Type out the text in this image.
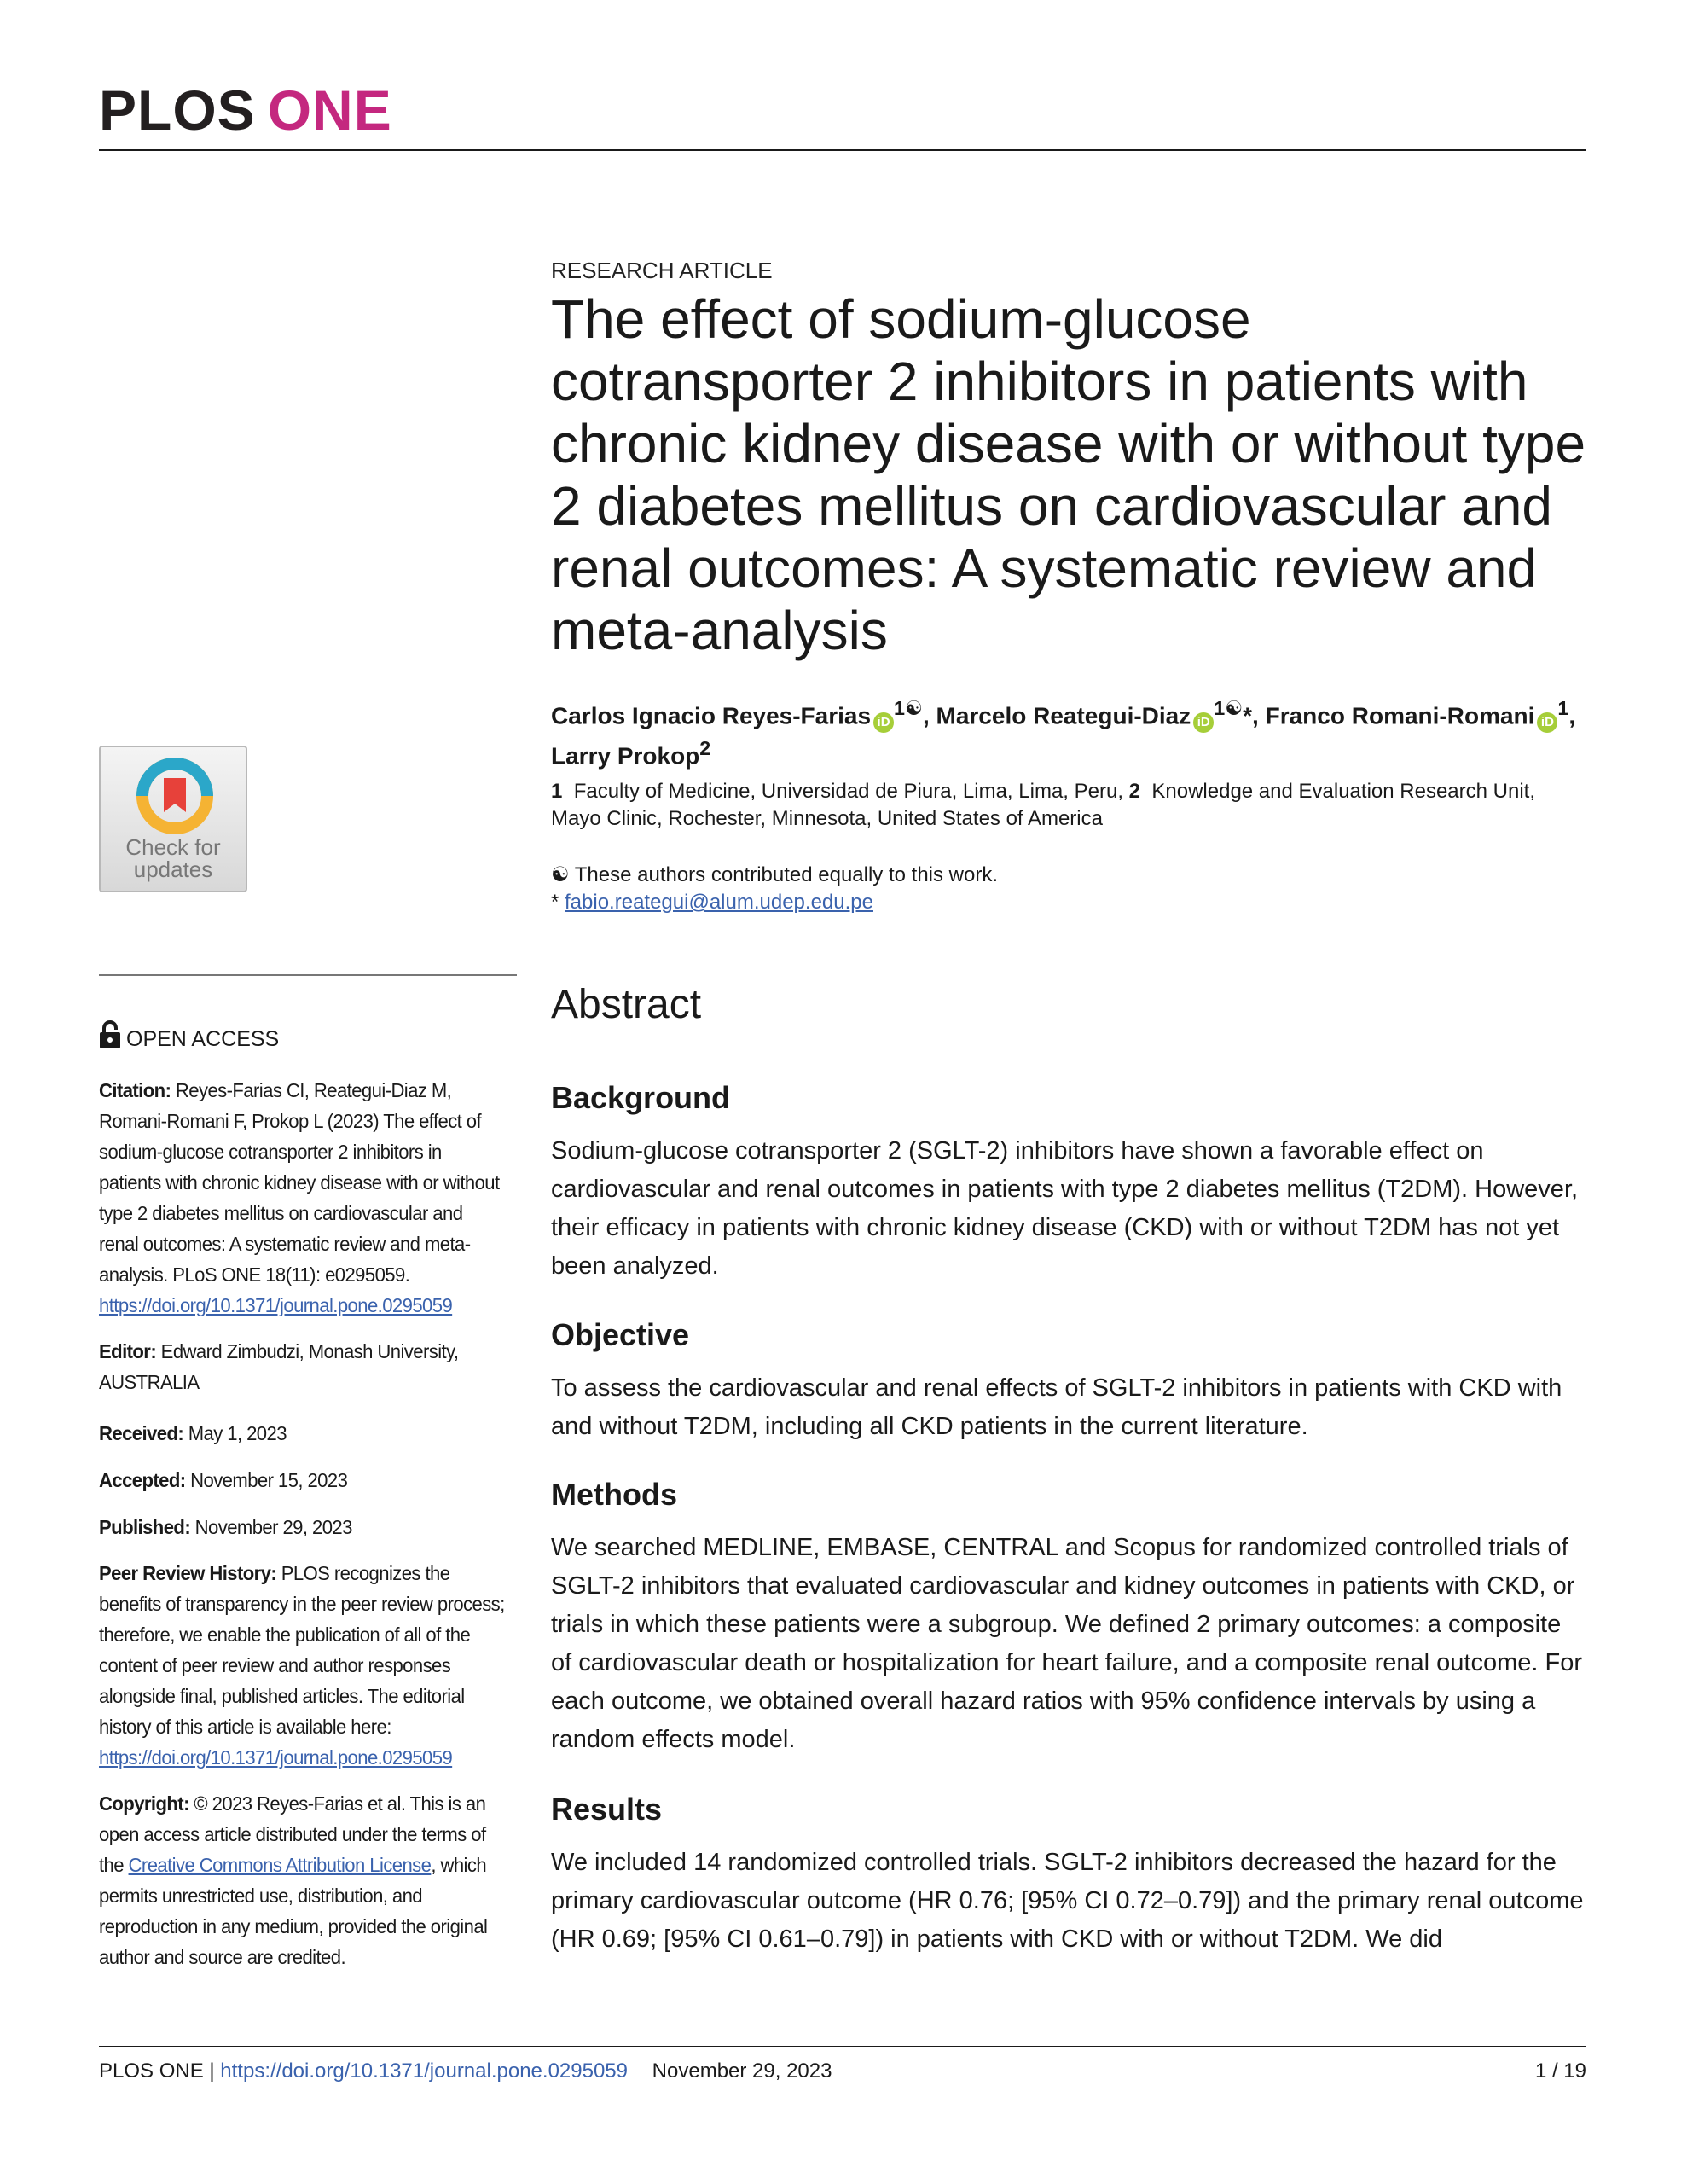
PLOS ONE
RESEARCH ARTICLE
The effect of sodium-glucose cotransporter 2 inhibitors in patients with chronic kidney disease with or without type 2 diabetes mellitus on cardiovascular and renal outcomes: A systematic review and meta-analysis
Carlos Ignacio Reyes-Farias $iD^{1☯}$, Marcelo Reategui-Diaz $iD^{1☯}*$, Franco Romani-Romani $iD^1$,
Larry Prokop$^2$
1 Faculty of Medicine, Universidad de Piura, Lima, Lima, Peru, 2 Knowledge and Evaluation Research Unit, Mayo Clinic, Rochester, Minnesota, United States of America
☯ These authors contributed equally to this work.
* fabio.reategui@alum.udep.edu.pe
Abstract
Background

Sodium-glucose cotransporter 2 (SGLT-2) inhibitors have shown a favorable effect on cardiovascular and renal outcomes in patients with type 2 diabetes mellitus (T2DM). However, their efficacy in patients with chronic kidney disease (CKD) with or without T2DM has not yet been analyzed.

Objective

To assess the cardiovascular and renal effects of SGLT-2 inhibitors in patients with CKD with and without T2DM, including all CKD patients in the current literature.

Methods

We searched MEDLINE, EMBASE, CENTRAL and Scopus for randomized controlled trials of SGLT-2 inhibitors that evaluated cardiovascular and kidney outcomes in patients with CKD, or trials in which these patients were a subgroup. We defined 2 primary outcomes: a composite of cardiovascular death or hospitalization for heart failure, and a composite renal outcome. For each outcome, we obtained overall hazard ratios with 95% confidence intervals by using a random effects model.

Results

We included 14 randomized controlled trials. SGLT-2 inhibitors decreased the hazard for the primary cardiovascular outcome (HR 0.76; [95% CI 0.72–0.79]) and the primary renal outcome (HR 0.69; [95% CI 0.61–0.79]) in patients with CKD with or without T2DM. We did

Check for
updates
OPEN ACCESS
Citation: Reyes-Farias CI, Reategui-Diaz M, Romani-Romani F, Prokop L (2023) The effect of sodium-glucose cotransporter 2 inhibitors in patients with chronic kidney disease with or without type 2 diabetes mellitus on cardiovascular and renal outcomes: A systematic review and meta-analysis. PLoS ONE 18(11): e0295059. https://doi.org/10.1371/journal.pone.0295059
Editor: Edward Zimbudzi, Monash University, AUSTRALIA
Received: May 1, 2023
Accepted: November 15, 2023
Published: November 29, 2023
Peer Review History: PLOS recognizes the benefits of transparency in the peer review process; therefore, we enable the publication of all of the content of peer review and author responses alongside final, published articles. The editorial history of this article is available here: https://doi.org/10.1371/journal.pone.0295059
Copyright: © 2023 Reyes-Farias et al. This is an open access article distributed under the terms of the Creative Commons Attribution License, which permits unrestricted use, distribution, and reproduction in any medium, provided the original author and source are credited.
PLOS ONE | https://doi.org/10.1371/journal.pone.0295059 November 29, 2023	1 / 19
